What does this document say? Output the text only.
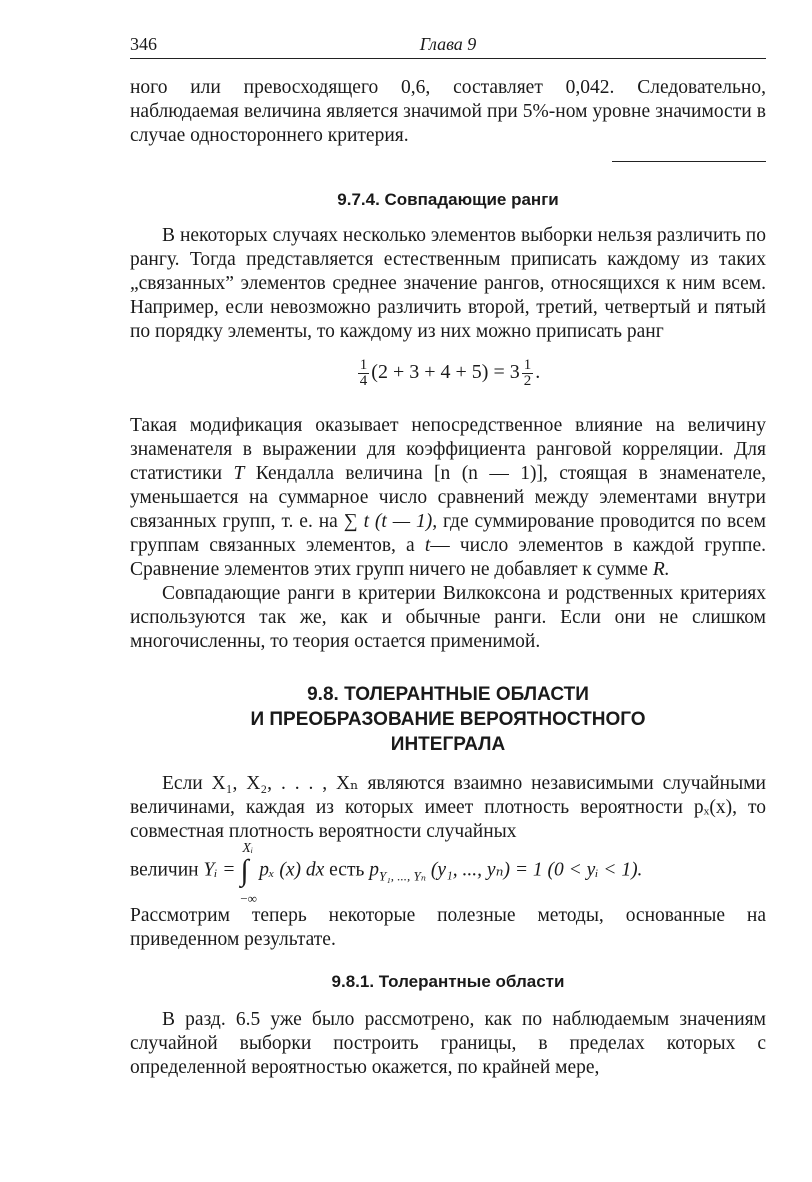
346	Глава 9

ного или превосходящего 0,6, составляет 0,042. Следовательно, наблюдаемая величина является значимой при 5%-ном уровне значимости в случае одностороннего критерия.

9.7.4. Совпадающие ранги

В некоторых случаях несколько элементов выборки нельзя различить по рангу. Тогда представляется естественным приписать каждому из таких „связанных” элементов среднее значение рангов, относящихся к ним всем. Например, если невозможно различить второй, третий, четвертый и пятый по порядку элементы, то каждому из них можно приписать ранг

$\frac{1}{4} (2 + 3 + 4 + 5) = 3 \frac{1}{2}$ .

Такая модификация оказывает непосредственное влияние на величину знаменателя в выражении для коэффициента ранговой корреляции. Для статистики T Кендалла величина [n (n — 1)], стоящая в знаменателе, уменьшается на суммарное число сравнений между элементами внутри связанных групп, т. е. на ∑ t (t — 1), где суммирование проводится по всем группам связанных элементов, а t— число элементов в каждой группе. Сравнение элементов этих групп ничего не добавляет к сумме R.

Совпадающие ранги в критерии Вилкоксона и родственных критериях используются так же, как и обычные ранги. Если они не слишком многочисленны, то теория остается применимой.

9.8. ТОЛЕРАНТНЫЕ ОБЛАСТИ
И ПРЕОБРАЗОВАНИЕ ВЕРОЯТНОСТНОГО
ИНТЕГРАЛА

Если X₁, X₂, . . . , Xₙ являются взаимно независимыми случайными величинами, каждая из которых имеет плотность вероятности pₓ(x), то совместная плотность вероятности случайных

величин Yᵢ = ∫
Xᵢ
−∞
pₓ (x) dx есть $p_{Y_1, ..., Y_n}$ (y₁, ..., yₙ) = 1 (0 < yᵢ < 1).

Рассмотрим теперь некоторые полезные методы, основанные на приведенном результате.

9.8.1. Толерантные области

В разд. 6.5 уже было рассмотрено, как по наблюдаемым значениям случайной выборки построить границы, в пределах которых с определенной вероятностью окажется, по крайней мере,
